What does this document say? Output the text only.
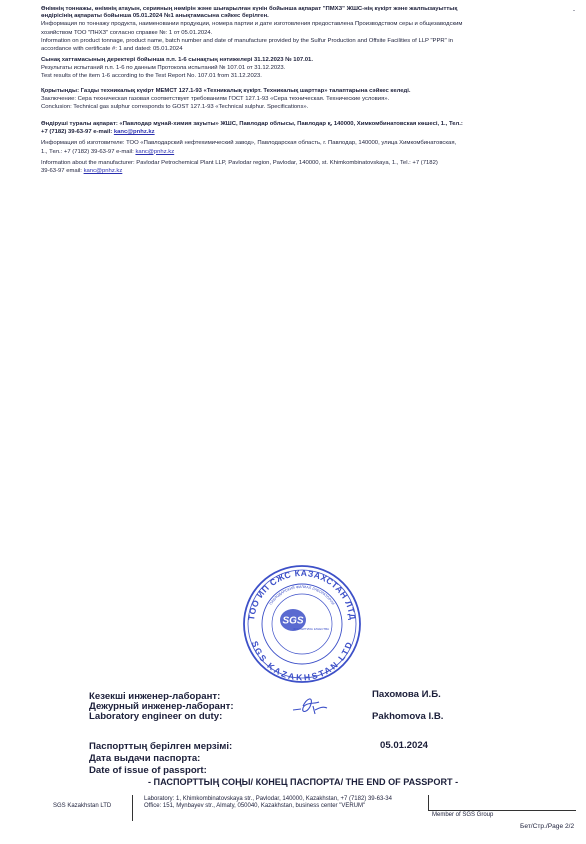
-
Өнімнің тоннажы, өнімнің атауын, серияның нөмірін және шығарылған күнін бойынша ақпарат "ПМХЗ" ЖШС-нің күкірт және жалпызауыттық
өндірісінің ақпараты бойынша 05.01.2024 №1 анықтамасына сәйкес берілген.
Информация по тоннажу продукта, наименовании продукции, номера партии и дате изготовления предоставлена Производством серы и общезаводским
хозяйством ТОО "ПНХЗ" согласно справке №: 1 от 05.01.2024.
Information on product tonnage, product name, batch number and date of manufacture provided by the Sulfur Production and Offsite Facilities of LLP "PPR" in
accordance with certificate #: 1 and dated: 05.01.2024
Сынақ хаттамасының деректері бойынша п.п. 1-6 сынақтың нәтижелері 31.12.2023 № 107.01.
Результаты испытаний п.п. 1-6 по данным Протокола испытаний № 107.01 от 31.12.2023.
Test results of the item 1-6 according to the Test Report No. 107.01 from 31.12.2023.
Қорытынды: Газды техникалық күкірт МЕМСТ 127.1-93 «Техникалық күкірт. Техникалық шарттар» талаптарына сәйкес келеді.
Заключение: Сера техническая газовая соответствует требованиям ГОСТ 127.1-93 «Сера техническая. Технические условия».
Conclusion: Technical gas sulphur corresponds to GOST 127.1-93 «Technical sulphur. Specifications».
Өндіруші туралы ақпарат: «Павлодар мұнай-химия зауыты» ЖШС, Павлодар облысы, Павлодар қ, 140000, Химкомбинатовская көшесі, 1., Тел.:
+7 (7182) 39-63-97 e-mail: kanc@pnhz.kz
Информация об изготовителе: ТОО «Павлодарский нефтехимический завод», Павлодарская область, г. Павлодар, 140000, улица Химкомбинатовская,
1., Тел.: +7 (7182) 39-63-97 e-mail: kanc@pnhz.kz
Information about the manufacturer: Pavlodar Petrochemical Plant LLP, Pavlodar region, Pavlodar, 140000, st. Khimkombinatovskaya, 1., Tel.: +7 (7182)
39-63-97 email: kanc@pnhz.kz
ТОО ИП СЖС КАЗАХСТАН ЛТД
SGS KAZAKHSTAN LTD
ПАВЛОДАРСКИЙ ФИЛИАЛ ЛАБОРАТОРИИ
SGS
ЭКСПЕРТИЗА КАЧЕСТВА
Кезекші инженер-лаборант:
Дежурный инженер-лаборант:
Laboratory engineer on duty:
Пахомова И.Б.
Pakhomova I.B.
Паспорттың берілген мерзімі:
Дата выдачи паспорта:
Date of issue of passport:
05.01.2024
- ПАСПОРТТЫҢ СОҢЫ/ КОНЕЦ ПАСПОРТА/ THE END OF PASSPORT -
SGS Kazakhstan LTD
Laboratory: 1, Khimkombinatovskaya str., Pavlodar, 140000, Kazakhstan, +7 (7182) 39-63-34
Office: 151, Mynbayev str., Almaty, 050040, Kazakhstan, business center "VERUM"
Member of SGS Group
Бет/Стр./Page 2/2
